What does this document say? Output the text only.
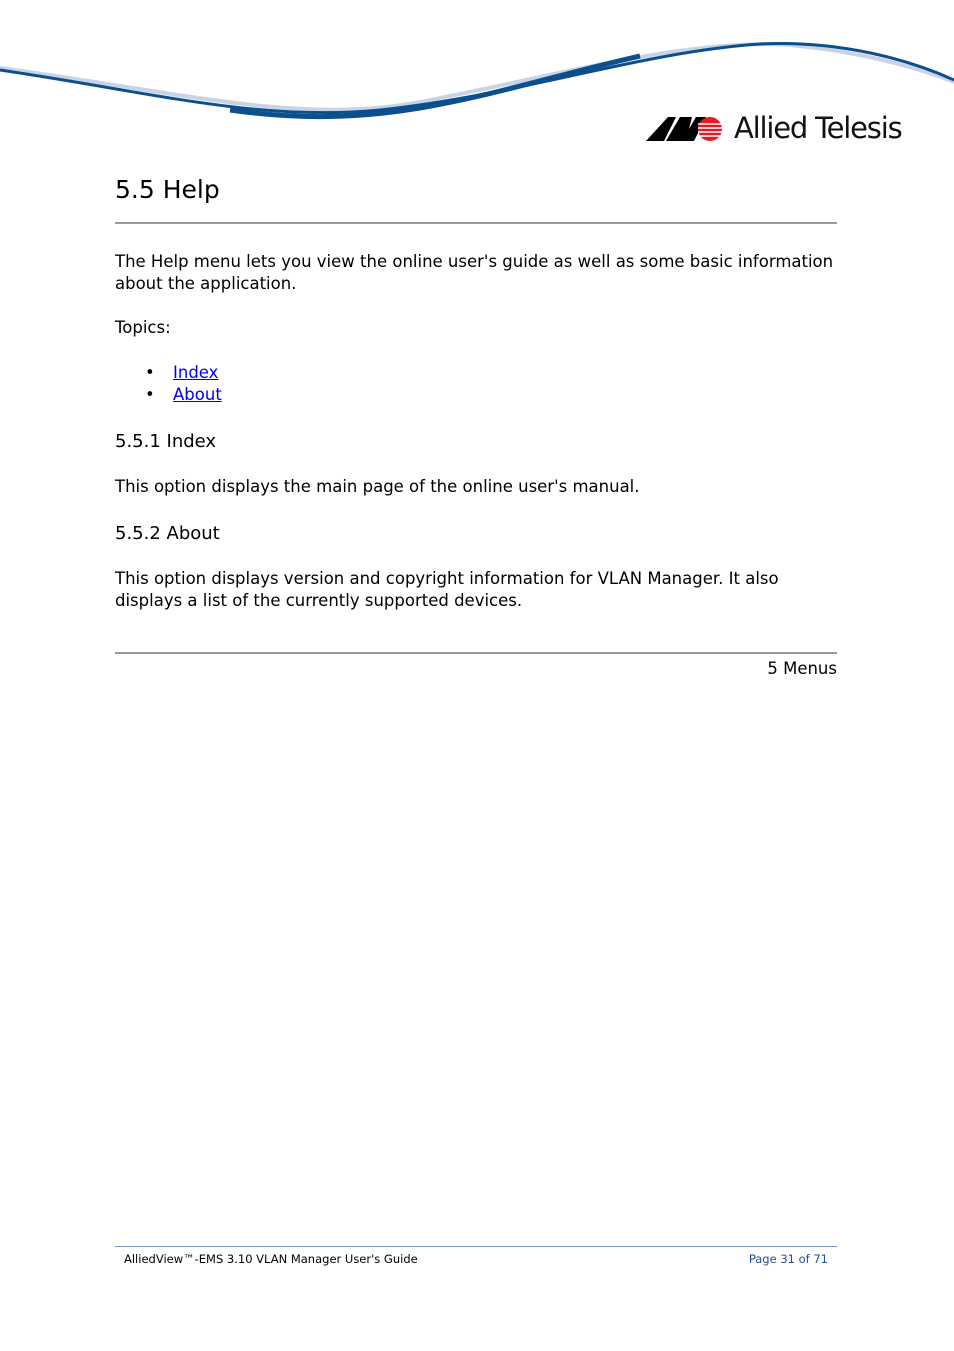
Allied Telesis
5.5 Help

The Help menu lets you view the online user's guide as well as some basic information about the application.

Topics:

• Index
• About
5.5.1 Index

This option displays the main page of the online user's manual.

5.5.2 About

This option displays version and copyright information for VLAN Manager. It also displays a list of the currently supported devices.

5 Menus
AlliedView™-EMS 3.10 VLAN Manager User's Guide	Page 31 of 71
